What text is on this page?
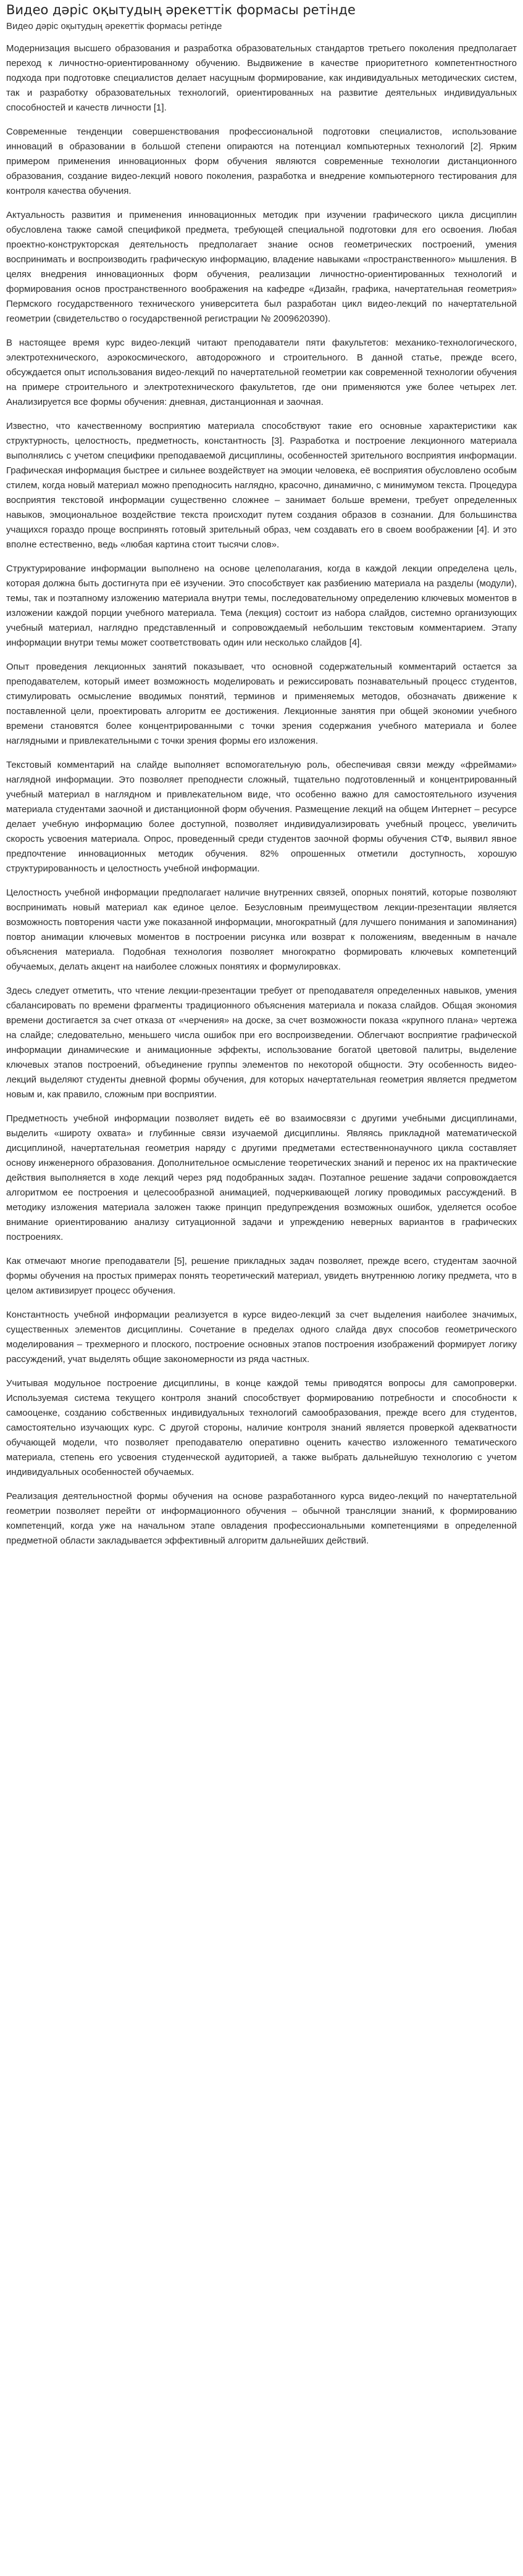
Видео дәріс оқытудың әрекеттік формасы ретінде
Видео дәріс оқытудың әрекеттік формасы ретінде

Модернизация высшего образования и разработка образовательных стандартов третьего поколения предполагает переход к личностно-ориентированному обучению. Выдвижение в качестве приоритетного компетентностного подхода при подготовке специалистов делает насущным формирование, как индивидуальных методических систем, так и разработку образовательных технологий, ориентированных на развитие деятельных индивидуальных способностей и качеств личности [1].

Современные тенденции совершенствования профессиональной подготовки специалистов, использование инноваций в образовании в большой степени опираются на потенциал компьютерных технологий [2]. Ярким примером применения инновационных форм обучения являются современные технологии дистанционного образования, создание видео-лекций нового поколения, разработка и внедрение компьютерного тестирования для контроля качества обучения.

Актуальность развития и применения инновационных методик при изучении графического цикла дисциплин обусловлена также самой спецификой предмета, требующей специальной подготовки для его освоения. Любая проектно-конструкторская деятельность предполагает знание основ геометрических построений, умения воспринимать и воспроизводить графическую информацию, владение навыками «пространственного» мышления. В целях внедрения инновационных форм обучения, реализации личностно-ориентированных технологий и формирования основ пространственного воображения на кафедре «Дизайн, графика, начертательная геометрия» Пермского государственного технического университета был разработан цикл видео-лекций по начертательной геометрии (свидетельство о государственной регистрации № 2009620390).

В настоящее время курс видео-лекций читают преподаватели пяти факультетов: механико-технологического, электротехнического, аэрокосмического, автодорожного и строительного. В данной статье, прежде всего, обсуждается опыт использования видео-лекций по начертательной геометрии как современной технологии обучения на примере строительного и электротехнического факультетов, где они применяются уже более четырех лет. Анализируется все формы обучения: дневная, дистанционная и заочная.

Известно, что качественному восприятию материала способствуют такие его основные характеристики как структурность, целостность, предметность, константность [3]. Разработка и построение лекционного материала выполнялись с учетом специфики преподаваемой дисциплины, особенностей зрительного восприятия информации. Графическая информация быстрее и сильнее воздействует на эмоции человека, её восприятия обусловлено особым стилем, когда новый материал можно преподносить наглядно, красочно, динамично, с минимумом текста. Процедура восприятия текстовой информации существенно сложнее – занимает больше времени, требует определенных навыков, эмоциональное воздействие текста происходит путем создания образов в сознании. Для большинства учащихся гораздо проще воспринять готовый зрительный образ, чем создавать его в своем воображении [4]. И это вполне естественно, ведь «любая картина стоит тысячи слов».

Структурирование информации выполнено на основе целеполагания, когда в каждой лекции определена цель, которая должна быть достигнута при её изучении. Это способствует как разбиению материала на разделы (модули), темы, так и поэтапному изложению материала внутри темы, последовательному определению ключевых моментов в изложении каждой порции учебного материала. Тема (лекция) состоит из набора слайдов, системно организующих учебный материал, наглядно представленный и сопровождаемый небольшим текстовым комментарием. Этапу информации внутри темы может соответствовать один или несколько слайдов [4].

Опыт проведения лекционных занятий показывает, что основной содержательный комментарий остается за преподавателем, который имеет возможность моделировать и режиссировать познавательный процесс студентов, стимулировать осмысление вводимых понятий, терминов и применяемых методов, обозначать движение к поставленной цели, проектировать алгоритм ее достижения. Лекционные занятия при общей экономии учебного времени становятся более концентрированными с точки зрения содержания учебного материала и более наглядными и привлекательными с точки зрения формы его изложения.

Текстовый комментарий на слайде выполняет вспомогательную роль, обеспечивая связи между «фреймами» наглядной информации. Это позволяет преподнести сложный, тщательно подготовленный и концентрированный учебный материал в наглядном и привлекательном виде, что особенно важно для самостоятельного изучения материала студентами заочной и дистанционной форм обучения. Размещение лекций на общем Интернет – ресурсе делает учебную информацию более доступной, позволяет индивидуализировать учебный процесс, увеличить скорость усвоения материала. Опрос, проведенный среди студентов заочной формы обучения СТФ, выявил явное предпочтение инновационных методик обучения. 82% опрошенных отметили доступность, хорошую структурированность и целостность учебной информации.

Целостность учебной информации предполагает наличие внутренних связей, опорных понятий, которые позволяют воспринимать новый материал как единое целое. Безусловным преимуществом лекции-презентации является возможность повторения части уже показанной информации, многократный (для лучшего понимания и запоминания) повтор анимации ключевых моментов в построении рисунка или возврат к положениям, введенным в начале объяснения материала. Подобная технология позволяет многократно формировать ключевых компетенций обучаемых, делать акцент на наиболее сложных понятиях и формулировках.

Здесь следует отметить, что чтение лекции-презентации требует от преподавателя определенных навыков, умения сбалансировать по времени фрагменты традиционного объяснения материала и показа слайдов. Общая экономия времени достигается за счет отказа от «черчения» на доске, за счет возможности показа «крупного плана» чертежа на слайде; следовательно, меньшего числа ошибок при его воспроизведении. Облегчают восприятие графической информации динамические и анимационные эффекты, использование богатой цветовой палитры, выделение ключевых этапов построений, объединение группы элементов по некоторой общности. Эту особенность видео-лекций выделяют студенты дневной формы обучения, для которых начертательная геометрия является предметом новым и, как правило, сложным при восприятии.

Предметность учебной информации позволяет видеть её во взаимосвязи с другими учебными дисциплинами, выделить «широту охвата» и глубинные связи изучаемой дисциплины. Являясь прикладной математической дисциплиной, начертательная геометрия наряду с другими предметами естественнонаучного цикла составляет основу инженерного образования. Дополнительное осмысление теоретических знаний и перенос их на практические действия выполняется в ходе лекций через ряд подобранных задач. Поэтапное решение задачи сопровождается алгоритмом ее построения и целесообразной анимацией, подчеркивающей логику проводимых рассуждений. В методику изложения материала заложен также принцип предупреждения возможных ошибок, уделяется особое внимание ориентированию анализу ситуационной задачи и упреждению неверных вариантов в графических построениях.

Как отмечают многие преподаватели [5], решение прикладных задач позволяет, прежде всего, студентам заочной формы обучения на простых примерах понять теоретический материал, увидеть внутреннюю логику предмета, что в целом активизирует процесс обучения.

Константность учебной информации реализуется в курсе видео-лекций за счет выделения наиболее значимых, существенных элементов дисциплины. Сочетание в пределах одного слайда двух способов геометрического моделирования – трехмерного и плоского, построение основных этапов построения изображений формирует логику рассуждений, учат выделять общие закономерности из ряда частных.

Учитывая модульное построение дисциплины, в конце каждой темы приводятся вопросы для самопроверки. Используемая система текущего контроля знаний способствует формированию потребности и способности к самооценке, созданию собственных индивидуальных технологий самообразования, прежде всего для студентов, самостоятельно изучающих курс. С другой стороны, наличие контроля знаний является проверкой адекватности обучающей модели, что позволяет преподавателю оперативно оценить качество изложенного тематического материала, степень его усвоения студенческой аудиторией, а также выбрать дальнейшую технологию с учетом индивидуальных особенностей обучаемых.

Реализация деятельностной формы обучения на основе разработанного курса видео-лекций по начертательной геометрии позволяет перейти от информационного обучения – обычной трансляции знаний, к формированию компетенций, когда уже на начальном этапе овладения профессиональными компетенциями в определенной предметной области закладывается эффективный алгоритм дальнейших действий.
